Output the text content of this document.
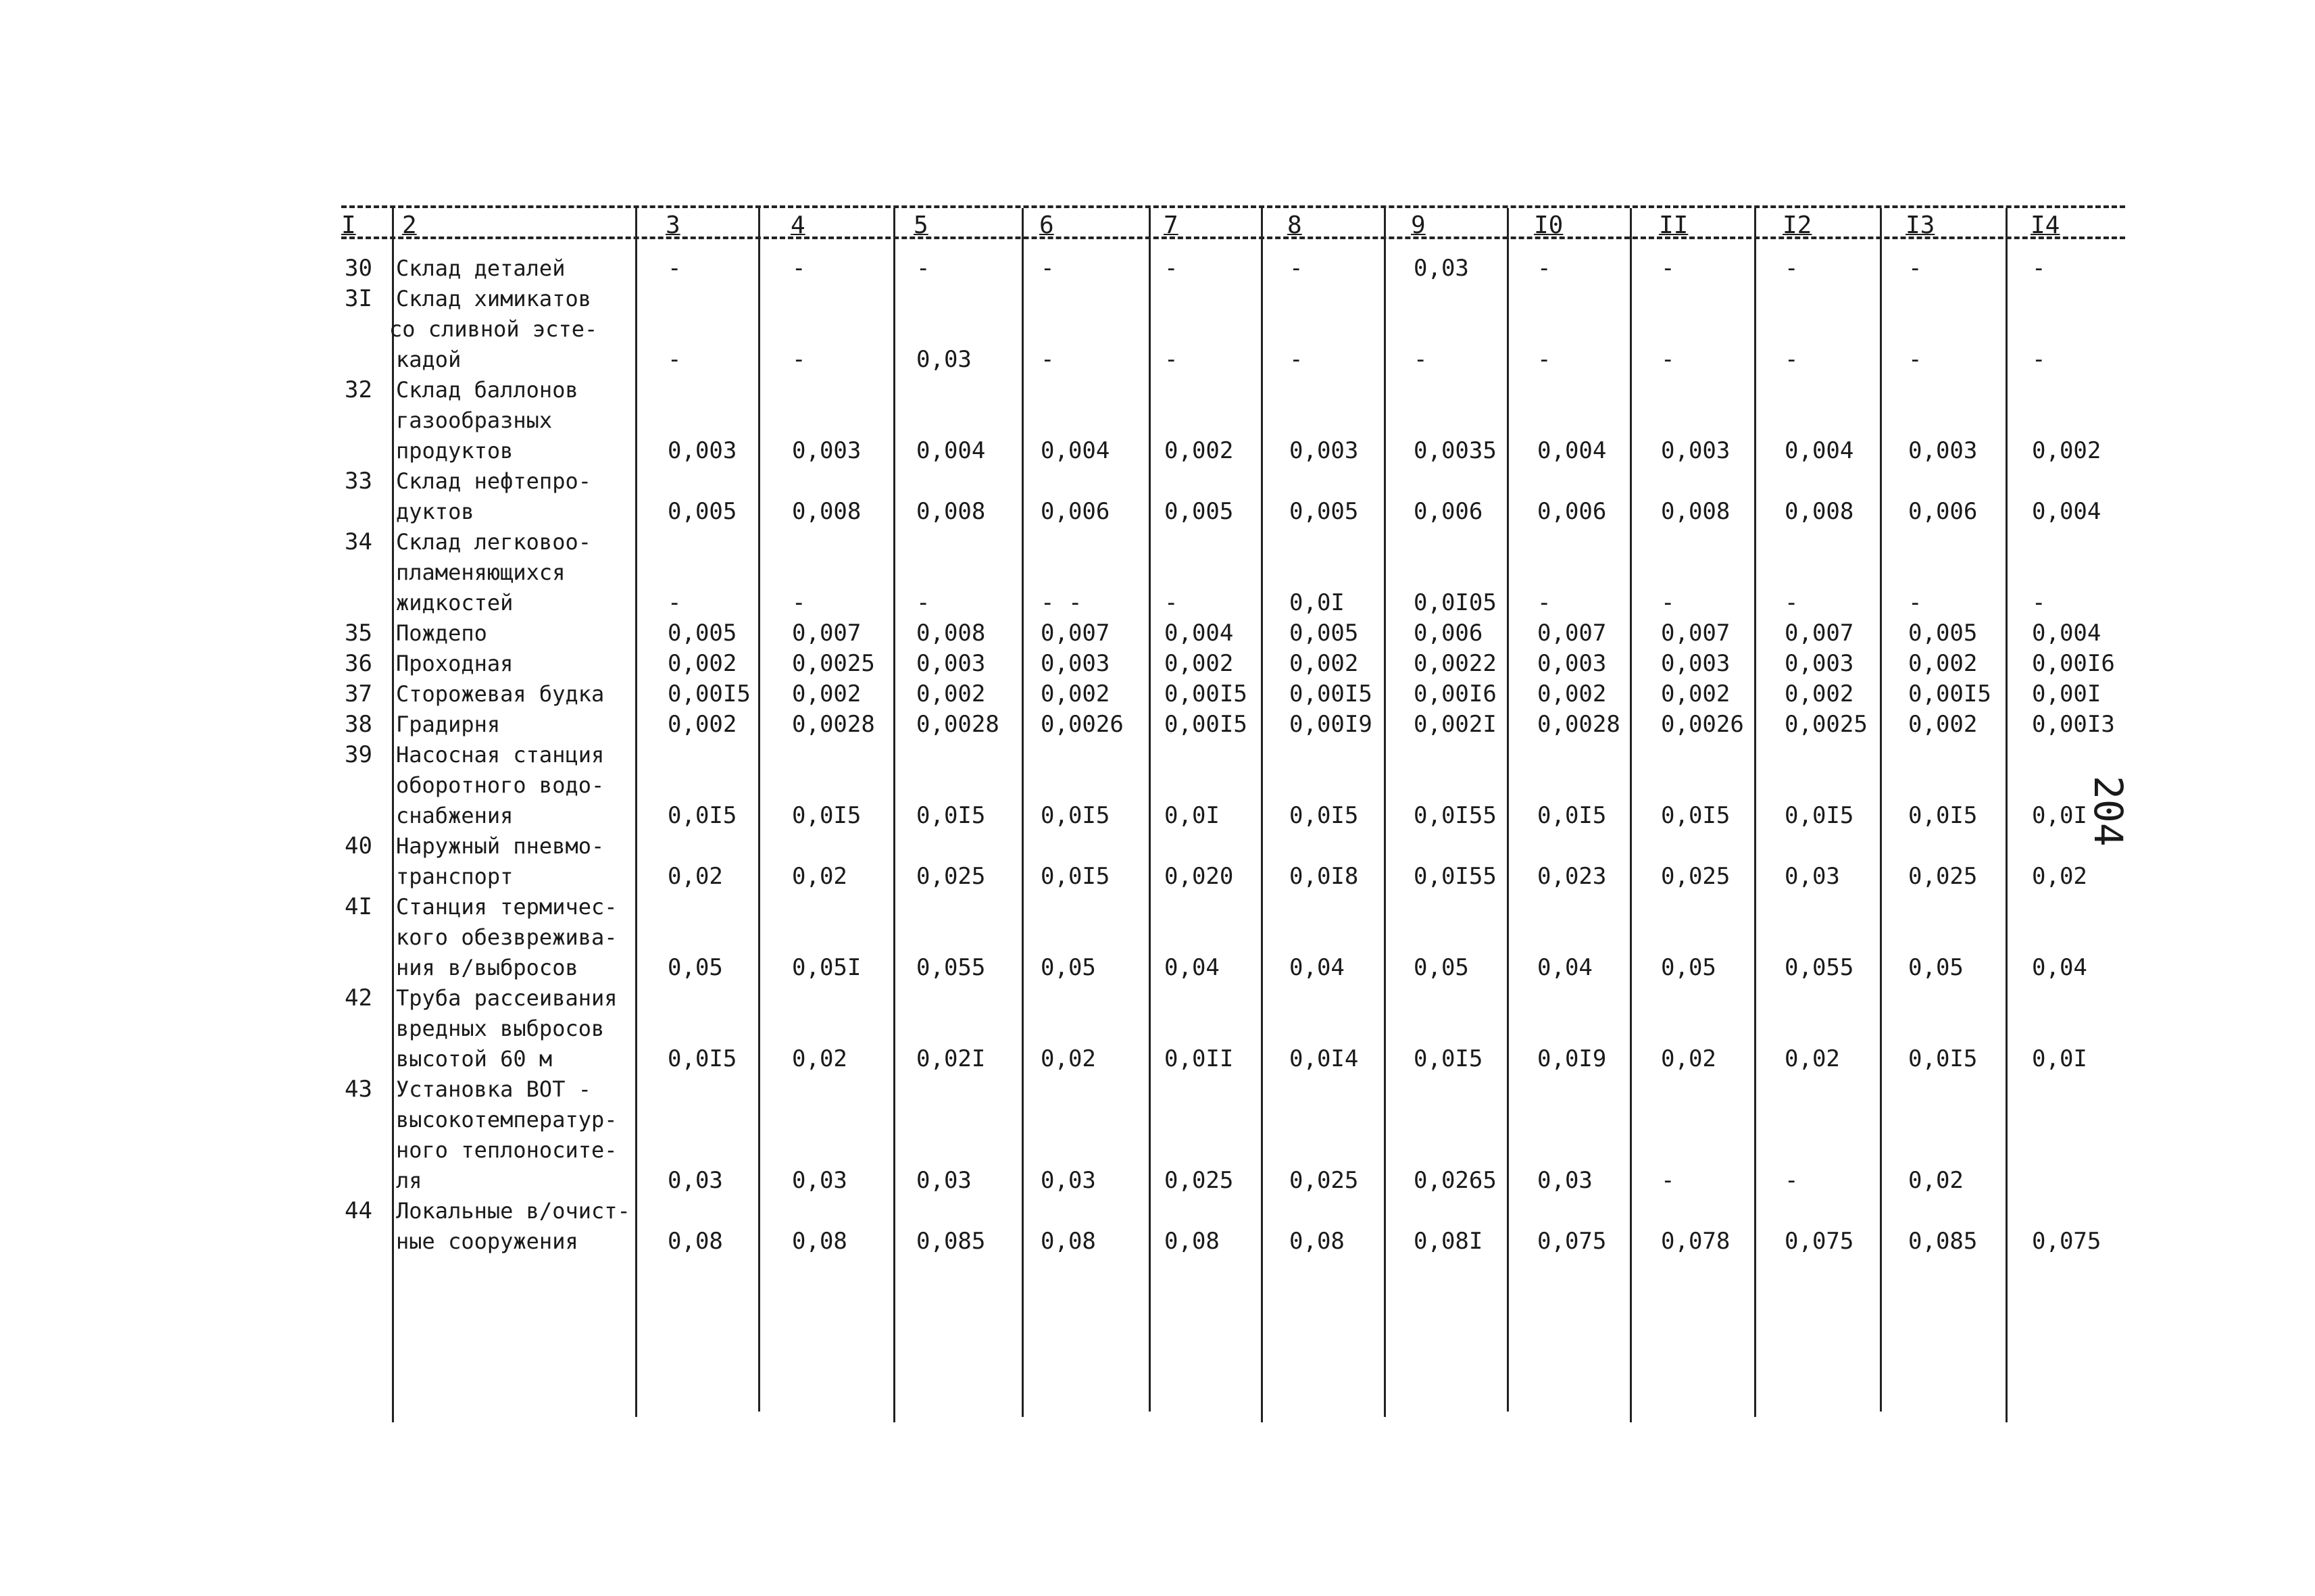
I 2	3	4	5	6	7	8	9	I0	II	I2	I3	I4
30 Склад деталей	-	-	-	-	-	-	0,03	-	-	-	-	-
3I Склад химикатов
со сливной эсте-
кадой	-	-	0,03	-	-	-	-	-	-	-	-	-
32 Склад баллонов
газообразных
продуктов	0,003 0,003 0,004 0,004 0,002 0,003 0,0035 0,004 0,003 0,004 0,003 0,002
33 Склад нефтепро-
дуктов	0,005 0,008 0,008 0,006 0,005 0,005 0,006 0,006 0,008 0,008 0,006 0,004
34 Склад легковоо-
пламеняющихся
жидкостей	-	-	-	- -	-	0,0I	0,0I05 -	-	-	-	-
35 Пождепо	0,005 0,007 0,008 0,007 0,004 0,005 0,006 0,007 0,007 0,007 0,005 0,004
36 Проходная	0,002 0,0025 0,003 0,003 0,002 0,002 0,0022 0,003 0,003 0,003 0,002 0,00I6
37 Сторожевая будка	0,00I5 0,002 0,002 0,002 0,00I5 0,00I5 0,00I6 0,002 0,002 0,002 0,00I5 0,00I
38 Градирня	0,002 0,0028 0,0028 0,0026 0,00I5 0,00I9 0,002I 0,0028 0,0026 0,0025 0,002 0,00I3
39 Насосная станция
оборотного водо-
снабжения	0,0I5 0,0I5 0,0I5 0,0I5 0,0I	0,0I5 0,0I55 0,0I5 0,0I5 0,0I5 0,0I5 0,0I
40 Наружный пневмо-
транспорт	0,02	0,02	0,025 0,0I5 0,020 0,0I8 0,0I55 0,023 0,025 0,03	0,025 0,02
4I Станция термичес-
кого обезврежива-
ния в/выбросов	0,05	0,05I 0,055 0,05	0,04	0,04	0,05	0,04	0,05	0,055 0,05	0,04
42 Труба рассеивания
вредных выбросов
высотой 60 м	0,0I5 0,02	0,02I 0,02	0,0II 0,0I4 0,0I5 0,0I9 0,02	0,02	0,0I5 0,0I
43 Установка ВОТ -
высокотемператур-
ного теплоносите-
ля	0,03	0,03	0,03	0,03	0,025 0,025 0,0265 0,03	-	-	0,02
44 Локальные в/очист-
ные сооружения	0,08	0,08	0,085 0,08	0,08	0,08	0,08I 0,075 0,078 0,075 0,085 0,075
204
